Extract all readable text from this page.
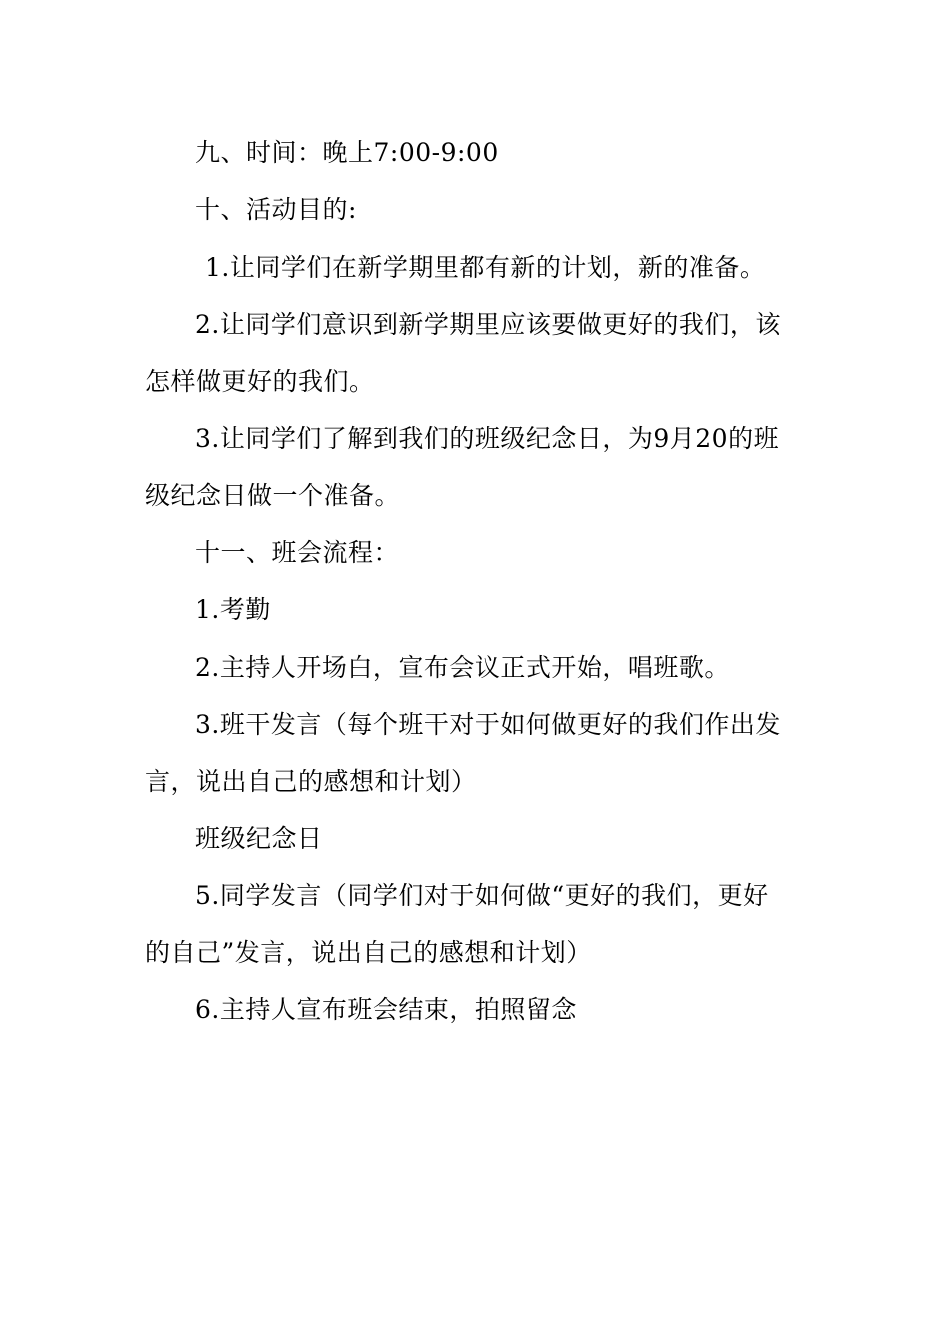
九、时间：晚上7:00-9:00
十、活动目的:
1.让同学们在新学期里都有新的计划，新的准备。
2.让同学们意识到新学期里应该要做更好的我们，该
怎样做更好的我们。
3.让同学们了解到我们的班级纪念日，为9月20的班
级纪念日做一个准备。
十一、班会流程：
1.考勤
2.主持人开场白，宣布会议正式开始，唱班歌。
3.班干发言（每个班干对于如何做更好的我们作出发
言，说出自己的感想和计划）
班级纪念日
5.同学发言（同学们对于如何做“更好的我们，更好
的自己”发言，说出自己的感想和计划）
6.主持人宣布班会结束，拍照留念
